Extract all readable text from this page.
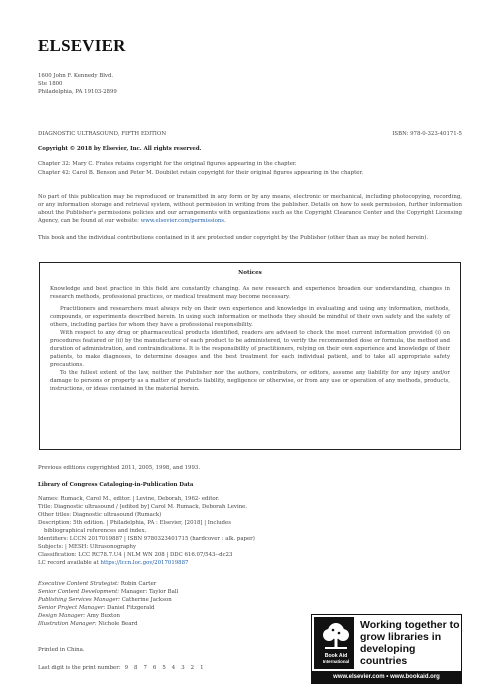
ELSEVIER
1600 John F. Kennedy Blvd.
Ste 1800
Philadelphia, PA 19103-2899
DIAGNOSTIC ULTRASOUND, FIFTH EDITION	ISBN: 978-0-323-40171-5
Copyright © 2018 by Elsevier, Inc. All rights reserved.
Chapter 32: Mary C. Frates retains copyright for the original figures appearing in the chapter.
Chapter 42: Carol B. Benson and Peter M. Doubilet retain copyright for their original figures appearing in the chapter.
No part of this publication may be reproduced or transmitted in any form or by any means, electronic or mechanical, including photocopying, recording, or any information storage and retrieval system, without permission in writing from the publisher. Details on how to seek permission, further information about the Publisher's permissions policies and our arrangements with organizations such as the Copyright Clearance Center and the Copyright Licensing Agency, can be found at our website: www.elsevier.com/permissions.
This book and the individual contributions contained in it are protected under copyright by the Publisher (other than as may be noted herein).
Notices

Knowledge and best practice in this field are constantly changing. As new research and experience broaden our understanding, changes in research methods, professional practices, or medical treatment may become necessary.

Practitioners and researchers must always rely on their own experience and knowledge in evaluating and using any information, methods, compounds, or experiments described herein. In using such information or methods they should be mindful of their own safety and the safety of others, including parties for whom they have a professional responsibility.

With respect to any drug or pharmaceutical products identified, readers are advised to check the most current information provided (i) on procedures featured or (ii) by the manufacturer of each product to be administered, to verify the recommended dose or formula, the method and duration of administration, and contraindications. It is the responsibility of practitioners, relying on their own experience and knowledge of their patients, to make diagnoses, to determine dosages and the best treatment for each individual patient, and to take all appropriate safety precautions.

To the fullest extent of the law, neither the Publisher nor the authors, contributors, or editors, assume any liability for any injury and/or damage to persons or property as a matter of products liability, negligence or otherwise, or from any use or operation of any methods, products, instructions, or ideas contained in the material herein.

Previous editions copyrighted 2011, 2005, 1998, and 1993.
Library of Congress Cataloging-in-Publication Data
Names: Rumack, Carol M., editor. | Levine, Deborah, 1962- editor.
Title: Diagnostic ultrasound / [edited by] Carol M. Rumack, Deborah Levine.
Other titles: Diagnostic ultrasound (Rumack)
Description: 5th edition. | Philadelphia, PA : Elsevier, [2018] | Includes
bibliographical references and index.
Identifiers: LCCN 2017019887 | ISBN 9780323401715 (hardcover : alk. paper)
Subjects: | MESH: Ultrasonography
Classification: LCC RC78.7.U4 | NLM WN 208 | DDC 616.07/543--dc23
LC record available at https://lccn.loc.gov/2017019887
Executive Content Strategist: Robin Carter
Senior Content Development: Manager: Taylor Ball
Publishing Services Manager: Catherine Jackson
Senior Project Manager: Daniel Fitzgerald
Design Manager: Amy Buxton
Illustration Manager: Nichole Beard
Printed in China.
Last digit is the print number: 9 8 7 6 5 4 3 2 1
Book Aid
International
Working together to grow libraries in developing countries
www.elsevier.com • www.bookaid.org
